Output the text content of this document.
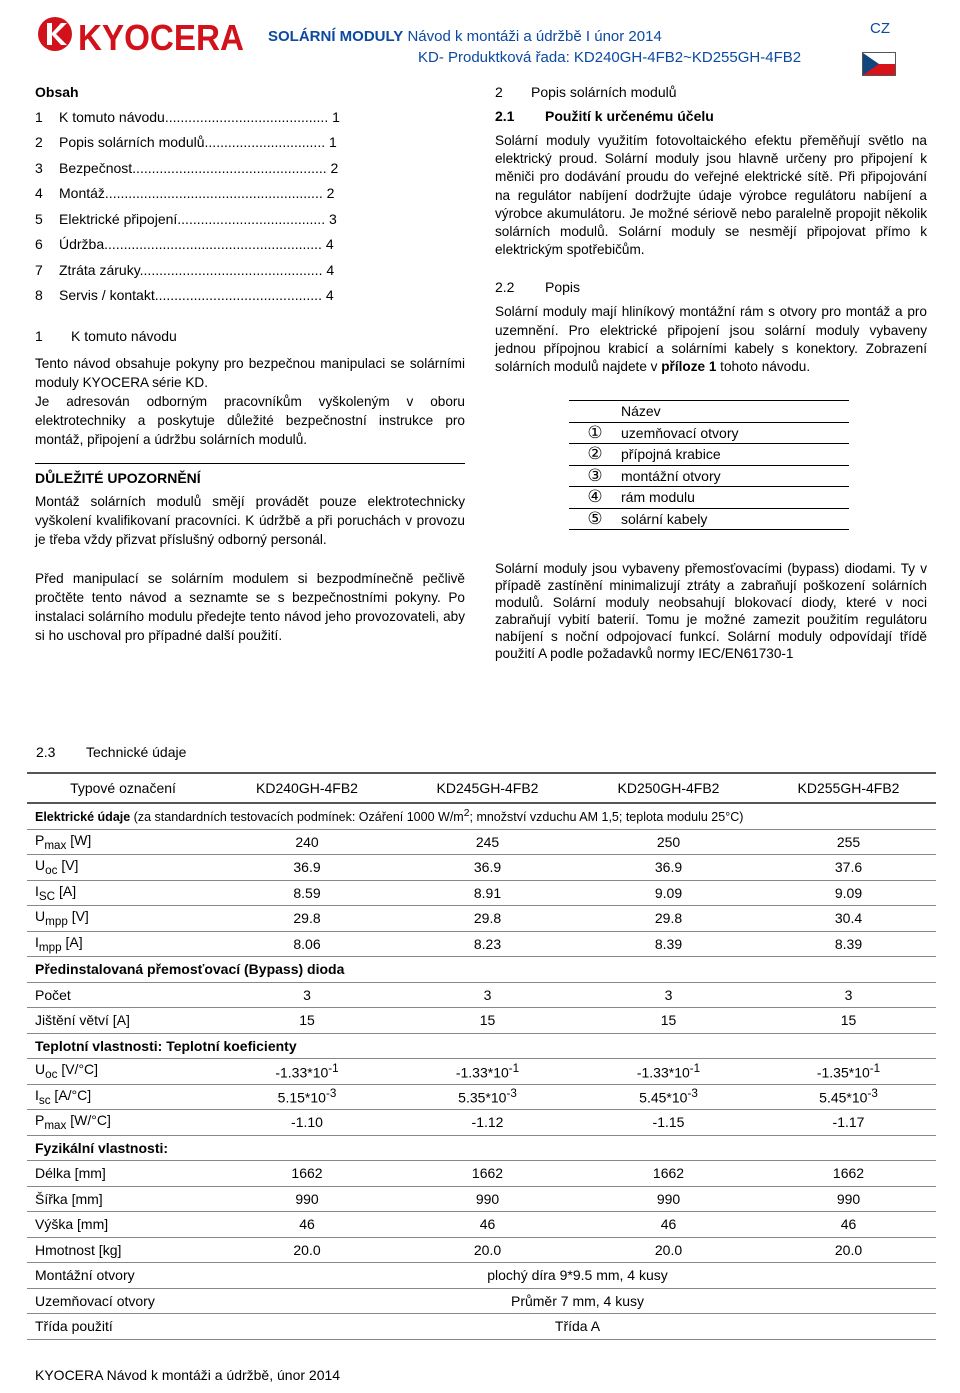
KYOCERA SOLÁRNÍ MODULY Návod k montáži a údržbě I únor 2014
KD- Produktková řada: KD240GH-4FB2~KD255GH-4FB2
CZ
Obsah
1	K tomuto návodu.......................................... 1
2	Popis solárních modulů............................... 1
3	Bezpečnost.................................................. 2
4	Montáž........................................................ 2
5	Elektrické připojení...................................... 3
6	Údržba........................................................ 4
7	Ztráta záruky............................................... 4
8	Servis / kontakt........................................... 4
1 K tomuto návodu

Tento návod obsahuje pokyny pro bezpečnou manipulaci se solárními moduly KYOCERA série KD.

Je adresován odborným pracovníkům vyškoleným v oboru elektrotechniky a poskytuje důležité bezpečnostní instrukce pro montáž, připojení a údržbu solárních modulů.

DŮLEŽITÉ UPOZORNĚNÍ

Montáž solárních modulů smějí provádět pouze elektrotechnicky vyškolení kvalifikovaní pracovníci. K údržbě a při poruchách v provozu je třeba vždy přizvat příslušný odborný personál.

Před manipulací se solárním modulem si bezpodmínečně pečlivě pročtěte tento návod a seznamte se s bezpečnostními pokyny. Po instalaci solárního modulu předejte tento návod jeho provozovateli, aby si ho uschoval pro případné další použití.

2 Popis solárních modulů
2.1 Použití k určenému účelu

Solární moduly využitím fotovoltaického efektu přeměňují světlo na elektrický proud. Solární moduly jsou hlavně určeny pro připojení k měniči pro dodávání proudu do veřejné elektrické sítě. Při připojování na regulátor nabíjení dodržujte údaje výrobce regulátoru nabíjení a výrobce akumulátoru. Je možné sériově nebo paralelně propojit několik solárních modulů. Solární moduly se nesmějí připojovat přímo k elektrickým spotřebičům.

2.2 Popis

Solární moduly mají hliníkový montážní rám s otvory pro montáž a pro uzemnění. Pro elektrické připojení jsou solární moduly vybaveny jednou přípojnou krabicí a solárními kabely s konektory. Zobrazení solárních modulů najdete v příloze 1 tohoto návodu.

	Název
①	uzemňovací otvory
②	přípojná krabice
③	montážní otvory
④	rám modulu
⑤	solární kabely

Solární moduly jsou vybaveny přemosťovacími (bypass) diodami. Ty v případě zastínění minimalizují ztráty a zabraňují poškození solárních modulů. Solární moduly neobsahují blokovací diody, které v noci zabraňují vybití baterií. Tomu je možné zamezit použitím regulátoru nabíjení s noční odpojovací funkcí. Solární moduly odpovídají třídě použití A podle požadavků normy IEC/EN61730-1

2.3 Technické údaje
Typové označení	KD240GH-4FB2	KD245GH-4FB2	KD250GH-4FB2	KD255GH-4FB2
Elektrické údaje (za standardních testovacích podmínek: Ozáření 1000 $W/m^2$; množství vzduchu AM 1,5; teplota modulu 25°C)				
$P_{max}$ [W]	240	245	250	255
$U_{oc}$ [V]	36.9	36.9	36.9	37.6
$I_{SC}$ [A]	8.59	8.91	9.09	9.09
$U_{mpp}$ [V]	29.8	29.8	29.8	30.4
$I_{mpp}$ [A]	8.06	8.23	8.39	8.39
Předinstalovaná přemosťovací (Bypass) dioda				
Počet	3	3	3	3
Jištění větví [A]	15	15	15	15
Teplotní vlastnosti: Teplotní koeficienty				
$U_{oc}$ [V/°C]	$-1.33*10^{-1}$	$-1.33*10^{-1}$	$-1.33*10^{-1}$	$-1.35*10^{-1}$
$I_{sc}$ [A/°C]	$5.15*10^{-3}$	$5.35*10^{-3}$	$5.45*10^{-3}$	$5.45*10^{-3}$
$P_{max}$ [W/°C]	-1.10	-1.12	-1.15	-1.17
Fyzikální vlastnosti:				
Délka [mm]	1662	1662	1662	1662
Šířka [mm]	990	990	990	990
Výška [mm]	46	46	46	46
Hmotnost [kg]	20.0	20.0	20.0	20.0
Montážní otvory	plochý díra 9*9.5 mm, 4 kusy			
Uzemňovací otvory	Průměr 7 mm, 4 kusy			
Třída použití	Třída A			
KYOCERA Návod k montáži a údržbě, únor 2014
